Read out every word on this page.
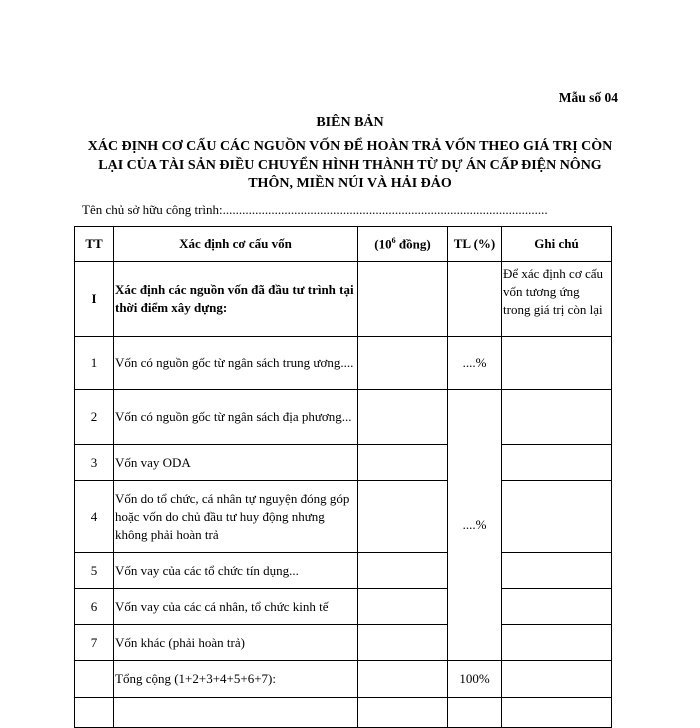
Mẫu số 04
BIÊN BẢN
XÁC ĐỊNH CƠ CẤU CÁC NGUỒN VỐN ĐỂ HOÀN TRẢ VỐN THEO GIÁ TRỊ CÒN LẠI CỦA TÀI SẢN ĐIỀU CHUYỂN HÌNH THÀNH TỪ DỰ ÁN CẤP ĐIỆN NÔNG THÔN, MIỀN NÚI VÀ HẢI ĐẢO
Tên chủ sở hữu công trình:....................................................................................................
TT	Xác định cơ cấu vốn	($10^6$ đồng)	TL (%)	Ghi chú
I	Xác định các nguồn vốn đã đầu tư trình tại thời điểm xây dựng:			Để xác định cơ cấu vốn tương ứng trong giá trị còn lại
1	Vốn có nguồn gốc từ ngân sách trung ương....		....%	
2	Vốn có nguồn gốc từ ngân sách địa phương...		....%	
3	Vốn vay ODA			
4	Vốn do tổ chức, cá nhân tự nguyện đóng góp hoặc vốn do chủ đầu tư huy động nhưng không phải hoàn trả			
5	Vốn vay của các tổ chức tín dụng...			
6	Vốn vay của các cá nhân, tổ chức kinh tế			
7	Vốn khác (phải hoàn trả)			
	Tổng cộng (1+2+3+4+5+6+7):		100%	
